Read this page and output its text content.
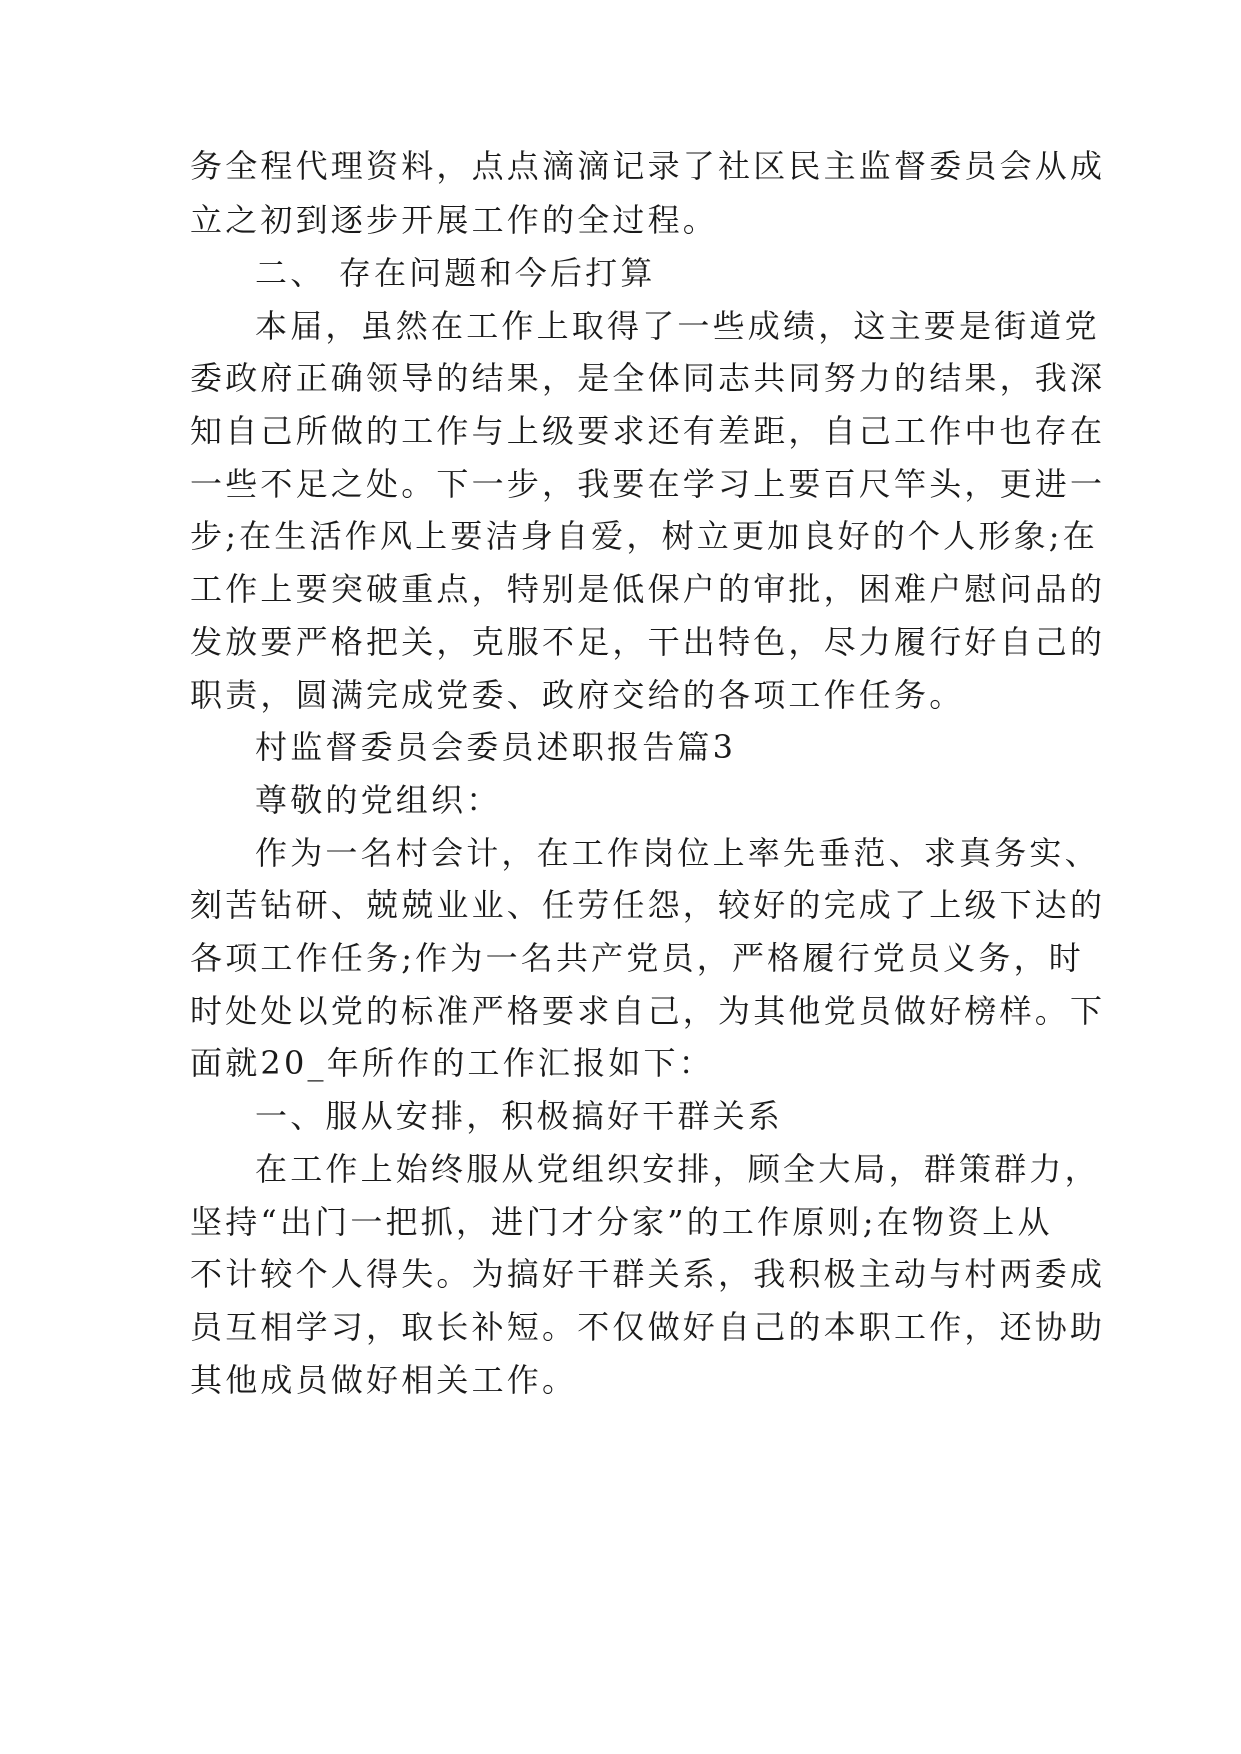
务全程代理资料，点点滴滴记录了社区民主监督委员会从成
立之初到逐步开展工作的全过程。
二、 存在问题和今后打算
本届，虽然在工作上取得了一些成绩，这主要是街道党
委政府正确领导的结果，是全体同志共同努力的结果，我深
知自己所做的工作与上级要求还有差距，自己工作中也存在
一些不足之处。下一步，我要在学习上要百尺竿头，更进一
步;在生活作风上要洁身自爱，树立更加良好的个人形象;在
工作上要突破重点，特别是低保户的审批，困难户慰问品的
发放要严格把关，克服不足，干出特色，尽力履行好自己的
职责，圆满完成党委、政府交给的各项工作任务。
村监督委员会委员述职报告篇3
尊敬的党组织：
作为一名村会计，在工作岗位上率先垂范、求真务实、
刻苦钻研、兢兢业业、任劳任怨，较好的完成了上级下达的
各项工作任务;作为一名共产党员，严格履行党员义务，时
时处处以党的标准严格要求自己，为其他党员做好榜样。下
面就20_年所作的工作汇报如下：
一、服从安排，积极搞好干群关系
在工作上始终服从党组织安排，顾全大局，群策群力，
坚持“出门一把抓，进门才分家”的工作原则;在物资上从
不计较个人得失。为搞好干群关系，我积极主动与村两委成
员互相学习，取长补短。不仅做好自己的本职工作，还协助
其他成员做好相关工作。
